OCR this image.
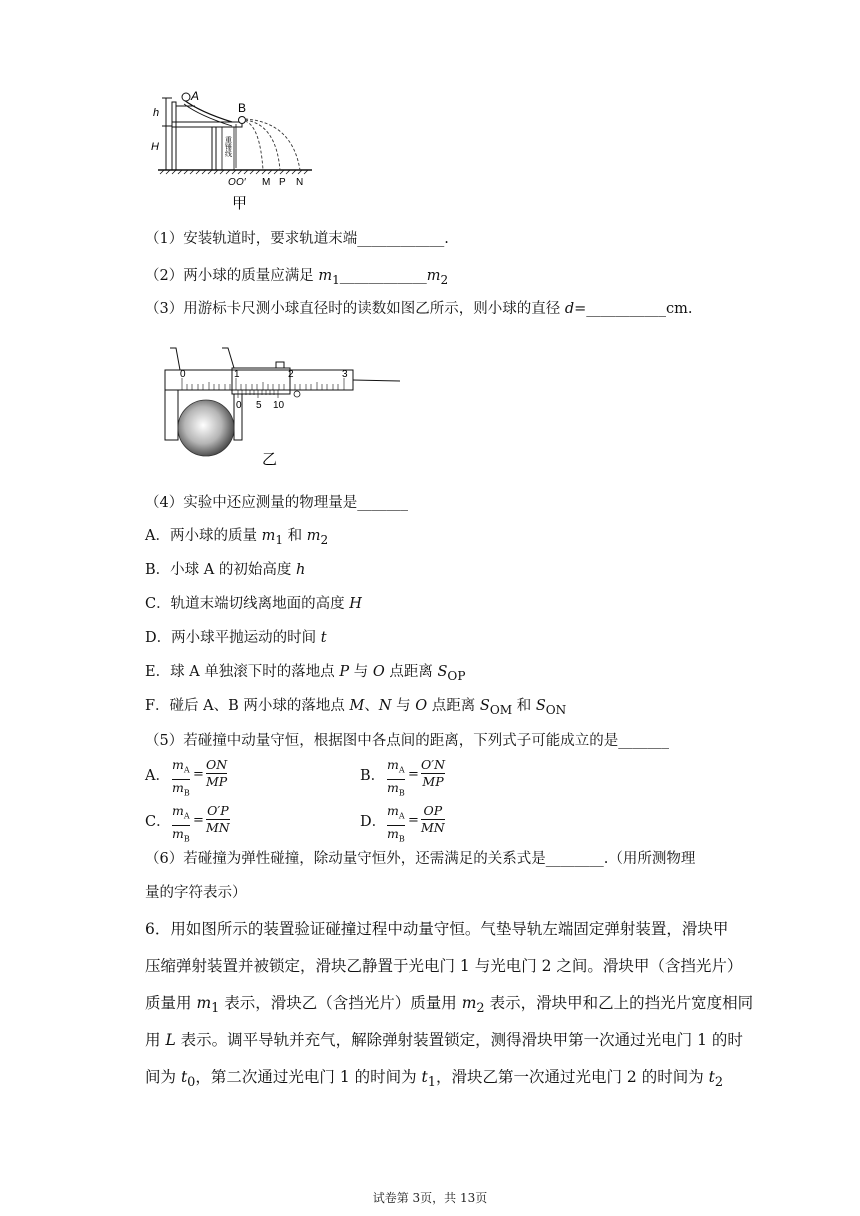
A
B
h
H	重锤线
O O′ M P N
甲
（1）安装轨道时，要求轨道末端____________.
（2）两小球的质量应满足 $m_1\_\_\_\_\_\_\_\_\_\_\_\_m_2$
（3）用游标卡尺测小球直径时的读数如图乙所示，则小球的直径 d=___________cm.
0	1	2	3
0 5 10
乙
（4）实验中还应测量的物理量是_______
A．两小球的质量 $m_1$ 和 $m_2$
B．小球 A 的初始高度 h
C．轨道末端切线离地面的高度 H
D．两小球平抛运动的时间 t
E．球 A 单独滚下时的落地点 P 与 O 点距离 $S_{OP}$
F．碰后 A、B 两小球的落地点 M、N 与 O 点距离 $S_{OM}$ 和 $S_{ON}$
（5）若碰撞中动量守恒，根据图中各点间的距离，下列式子可能成立的是_______
A．
$m_A$
$m_B$
=
ON
MP	B．
$m_A$
$m_B$
=
O′N
MP
C．
$m_A$
$m_B$
=
O′P
MN	D．
$m_A$
$m_B$
=
OP
MN
（6）若碰撞为弹性碰撞，除动量守恒外，还需满足的关系式是________.（用所测物理
量的字符表示）
6．用如图所示的装置验证碰撞过程中动量守恒。气垫导轨左端固定弹射装置，滑块甲
压缩弹射装置并被锁定，滑块乙静置于光电门 1 与光电门 2 之间。滑块甲（含挡光片）
质量用 $m_1$ 表示，滑块乙（含挡光片）质量用 $m_2$ 表示，滑块甲和乙上的挡光片宽度相同
用 L 表示。调平导轨并充气，解除弹射装置锁定，测得滑块甲第一次通过光电门 1 的时
间为 $t_0$，第二次通过光电门 1 的时间为 $t_1$，滑块乙第一次通过光电门 2 的时间为 $t_2$
试卷第 3页，共 13页
